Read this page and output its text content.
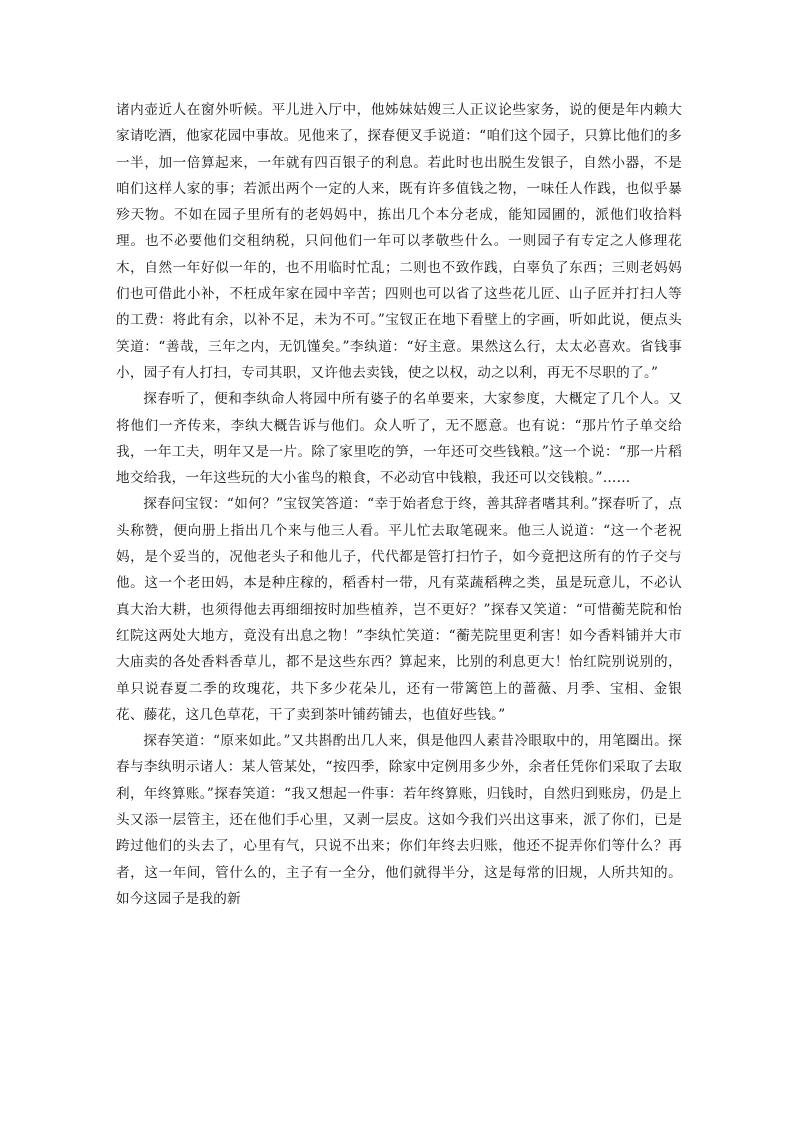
诸内壶近人在窗外听候。平儿进入厅中，他姊妹姑嫂三人正议论些家务，说的便是年内赖大家请吃酒，他家花园中事故。见他来了，探春便叉手说道：“咱们这个园子，只算比他们的多一半，加一倍算起来，一年就有四百银子的利息。若此时也出脱生发银子，自然小器，不是咱们这样人家的事；若派出两个一定的人来，既有许多值钱之物，一味任人作践，也似乎暴殄天物。不如在园子里所有的老妈妈中，拣出几个本分老成，能知园圃的，派他们收拾料理。也不必要他们交租纳税，只问他们一年可以孝敬些什么。一则园子有专定之人修理花木，自然一年好似一年的，也不用临时忙乱；二则也不致作践，白辜负了东西；三则老妈妈们也可借此小补，不枉成年家在园中辛苦；四则也可以省了这些花儿匠、山子匠并打扫人等的工费：将此有余，以补不足，未为不可。”宝钗正在地下看壁上的字画，听如此说，便点头笑道：“善哉，三年之内，无饥馑矣。”李纨道：“好主意。果然这么行，太太必喜欢。省钱事小，园子有人打扫，专司其职，又许他去卖钱，使之以权，动之以利，再无不尽职的了。”

探春听了，便和李纨命人将园中所有婆子的名单要来，大家参度，大概定了几个人。又将他们一齐传来，李纨大概告诉与他们。众人听了，无不愿意。也有说：“那片竹子单交给我，一年工夫，明年又是一片。除了家里吃的笋，一年还可交些钱粮。”这一个说：“那一片稻地交给我，一年这些玩的大小雀鸟的粮食，不必动官中钱粮，我还可以交钱粮。”……

探春问宝钗：“如何？”宝钗笑答道：“幸于始者怠于终，善其辞者嗜其利。”探春听了，点头称赞，便向册上指出几个来与他三人看。平儿忙去取笔砚来。他三人说道：“这一个老祝妈，是个妥当的，况他老头子和他儿子，代代都是管打扫竹子，如今竟把这所有的竹子交与他。这一个老田妈，本是种庄稼的，稻香村一带，凡有菜蔬稻稗之类，虽是玩意儿，不必认真大治大耕，也须得他去再细细按时加些植养，岂不更好？”探春又笑道：“可惜蘅芜院和怡红院这两处大地方，竟没有出息之物！”李纨忙笑道：“蘅芜院里更利害！如今香料铺并大市大庙卖的各处香料香草儿，都不是这些东西？算起来，比别的利息更大！怡红院别说别的，单只说春夏二季的玫瑰花，共下多少花朵儿，还有一带篱笆上的蔷薇、月季、宝相、金银花、藤花，这几色草花，干了卖到茶叶铺药铺去，也值好些钱。”

探春笑道：“原来如此。”又共斟酌出几人来，俱是他四人素昔冷眼取中的，用笔圈出。探春与李纨明示诸人：某人管某处，“按四季，除家中定例用多少外，余者任凭你们采取了去取利，年终算账。”探春笑道：“我又想起一件事：若年终算账，归钱时，自然归到账房，仍是上头又添一层管主，还在他们手心里，又剥一层皮。这如今我们兴出这事来，派了你们，已是跨过他们的头去了，心里有气，只说不出来；你们年终去归账，他还不捉弄你们等什么？再者，这一年间，管什么的，主子有一全分，他们就得半分，这是每常的旧规，人所共知的。如今这园子是我的新
